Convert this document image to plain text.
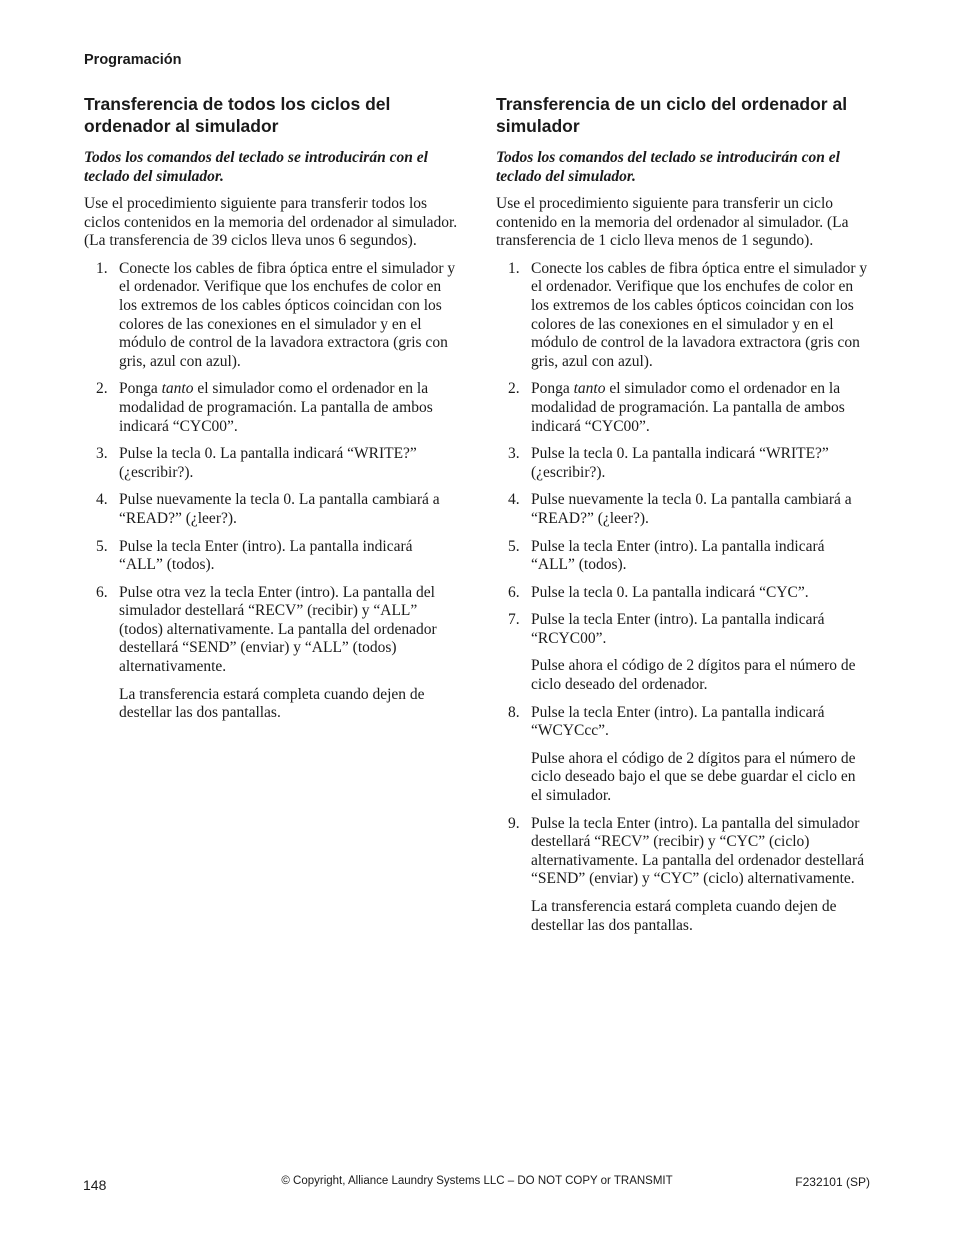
Programación
Transferencia de todos los ciclos del ordenador al simulador

Todos los comandos del teclado se introducirán con el teclado del simulador.

Use el procedimiento siguiente para transferir todos los ciclos contenidos en la memoria del ordenador al simulador. (La transferencia de 39 ciclos lleva unos 6 segundos).

1. Conecte los cables de fibra óptica entre el simulador y el ordenador. Verifique que los enchufes de color en los extremos de los cables ópticos coincidan con los colores de las conexiones en el simulador y en el módulo de control de la lavadora extractora (gris con gris, azul con azul).
2. Ponga tanto el simulador como el ordenador en la modalidad de programación. La pantalla de ambos indicará “CYC00”.
3. Pulse la tecla 0. La pantalla indicará “WRITE?” (¿escribir?).
4. Pulse nuevamente la tecla 0. La pantalla cambiará a “READ?” (¿leer?).
5. Pulse la tecla Enter (intro). La pantalla indicará “ALL” (todos).
6. Pulse otra vez la tecla Enter (intro). La pantalla del simulador destellará “RECV” (recibir) y “ALL” (todos) alternativamente. La pantalla del ordenador destellará “SEND” (enviar) y “ALL” (todos) alternativamente.

La transferencia estará completa cuando dejen de destellar las dos pantallas.

Transferencia de un ciclo del ordenador al simulador

Todos los comandos del teclado se introducirán con el teclado del simulador.

Use el procedimiento siguiente para transferir un ciclo contenido en la memoria del ordenador al simulador. (La transferencia de 1 ciclo lleva menos de 1 segundo).

1. Conecte los cables de fibra óptica entre el simulador y el ordenador. Verifique que los enchufes de color en los extremos de los cables ópticos coincidan con los colores de las conexiones en el simulador y en el módulo de control de la lavadora extractora (gris con gris, azul con azul).
2. Ponga tanto el simulador como el ordenador en la modalidad de programación. La pantalla de ambos indicará “CYC00”.
3. Pulse la tecla 0. La pantalla indicará “WRITE?” (¿escribir?).
4. Pulse nuevamente la tecla 0. La pantalla cambiará a “READ?” (¿leer?).
5. Pulse la tecla Enter (intro). La pantalla indicará “ALL” (todos).
6. Pulse la tecla 0. La pantalla indicará “CYC”.
7. Pulse la tecla Enter (intro). La pantalla indicará “RCYC00”.

Pulse ahora el código de 2 dígitos para el número de ciclo deseado del ordenador.

8. Pulse la tecla Enter (intro). La pantalla indicará “WCYCcc”.

Pulse ahora el código de 2 dígitos para el número de ciclo deseado bajo el que se debe guardar el ciclo en el simulador.

9. Pulse la tecla Enter (intro). La pantalla del simulador destellará “RECV” (recibir) y “CYC” (ciclo) alternativamente. La pantalla del ordenador destellará “SEND” (enviar) y “CYC” (ciclo) alternativamente.

La transferencia estará completa cuando dejen de destellar las dos pantallas.

148	© Copyright, Alliance Laundry Systems LLC – DO NOT COPY or TRANSMIT	F232101 (SP)
